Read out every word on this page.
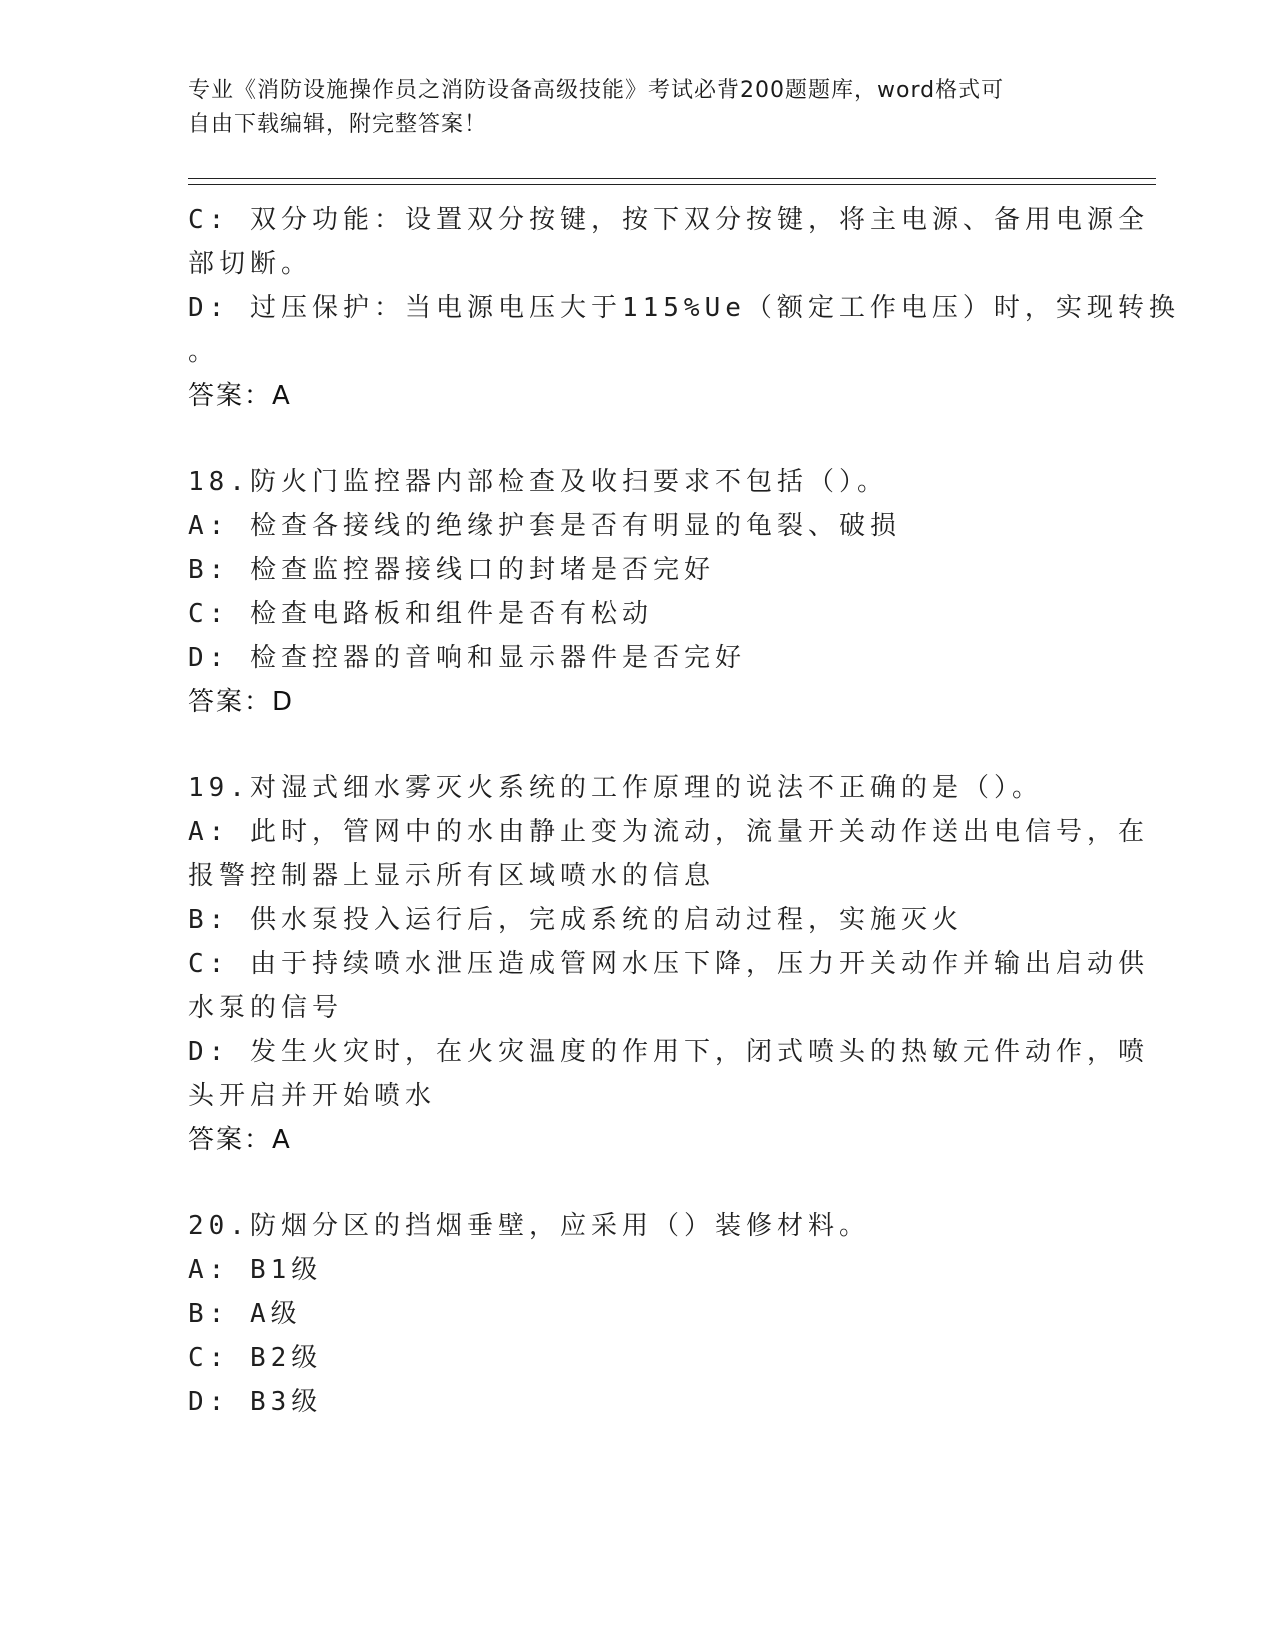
专业《消防设施操作员之消防设备高级技能》考试必背200题题库，word格式可
自由下载编辑，附完整答案！
C: 双分功能：设置双分按键，按下双分按键，将主电源、备用电源全
部切断。
D: 过压保护：当电源电压大于115%Ue（额定工作电压）时，实现转换
。
答案：A
18.防火门监控器内部检查及收扫要求不包括（）。
A: 检查各接线的绝缘护套是否有明显的龟裂、破损
B: 检查监控器接线口的封堵是否完好
C: 检查电路板和组件是否有松动
D: 检查控器的音响和显示器件是否完好
答案：D
19.对湿式细水雾灭火系统的工作原理的说法不正确的是（）。
A: 此时，管网中的水由静止变为流动，流量开关动作送出电信号，在
报警控制器上显示所有区域喷水的信息
B: 供水泵投入运行后，完成系统的启动过程，实施灭火
C: 由于持续喷水泄压造成管网水压下降，压力开关动作并输出启动供
水泵的信号
D: 发生火灾时，在火灾温度的作用下，闭式喷头的热敏元件动作，喷
头开启并开始喷水
答案：A
20.防烟分区的挡烟垂壁，应采用（）装修材料。
A: B1级
B: A级
C: B2级
D: B3级
